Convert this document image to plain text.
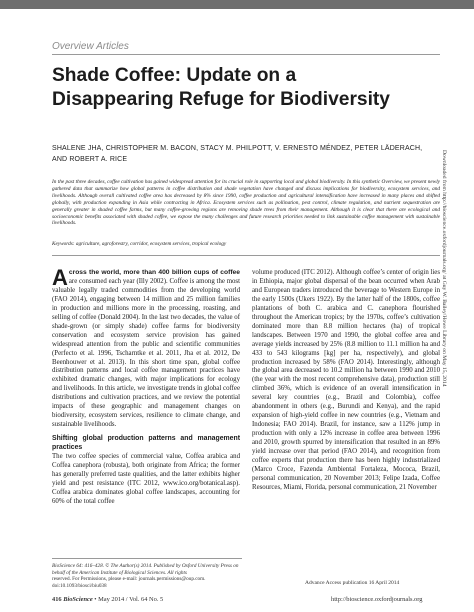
Overview Articles
Shade Coffee: Update on a
Disappearing Refuge for Biodiversity
SHALENE JHA, CHRISTOPHER M. BACON, STACY M. PHILPOTT, V. ERNESTO MÉNDEZ, PETER LÄDERACH,
AND ROBERT A. RICE
In the past three decades, coffee cultivation has gained widespread attention for its crucial role in supporting local and global biodiversity. In this synthetic Overview, we present newly gathered data that summarize how global patterns in coffee distribution and shade vegetation have changed and discuss implications for biodiversity, ecosystem services, and livelihoods. Although overall cultivated coffee area has decreased by 8% since 1990, coffee production and agricultural intensification have increased in many places and shifted globally, with production expanding in Asia while contracting in Africa. Ecosystem services such as pollination, pest control, climate regulation, and nutrient sequestration are generally greater in shaded coffee farms, but many coffee-growing regions are removing shade trees from their management. Although it is clear that there are ecological and socioeconomic benefits associated with shaded coffee, we expose the many challenges and future research priorities needed to link sustainable coffee management with sustainable livelihoods.
Keywords: agriculture, agroforestry, corridor, ecosystem services, tropical ecology

Across the world, more than 400 billion cups of coffee are consumed each year (Illy 2002). Coffee is among the most valuable legally traded commodities from the developing world (FAO 2014), engaging between 14 million and 25 million families in production and millions more in the processing, roasting, and selling of coffee (Donald 2004). In the last two decades, the value of shade-grown (or simply shade) coffee farms for biodiversity conservation and ecosystem service provision has gained widespread attention from the public and scientific communities (Perfecto et al. 1996, Tscharntke et al. 2011, Jha et al. 2012, De Beenhouwer et al. 2013). In this short time span, global coffee distribution patterns and local coffee management practices have exhibited dramatic changes, with major implications for ecology and livelihoods. In this article, we investigate trends in global coffee distributions and cultivation practices, and we review the potential impacts of these geographic and management changes on biodiversity, ecosystem services, resilience to climate change, and sustainable livelihoods.

Shifting global production patterns and management practices

The two coffee species of commercial value, Coffea arabica and Coffea canephora (robusta), both originate from Africa; the former has generally preferred taste qualities, and the latter exhibits higher yield and pest resistance (ITC 2012, www.ico.org/botanical.asp). Coffea arabica dominates global coffee landscapes, accounting for 60% of the total coffee

volume produced (ITC 2012). Although coffee’s center of origin lies in Ethiopia, major global dispersal of the bean occurred when Arab and European traders introduced the beverage to Western Europe in the early 1500s (Ukers 1922). By the latter half of the 1800s, coffee plantations of both C. arabica and C. canephora flourished throughout the American tropics; by the 1970s, coffee’s cultivation dominated more than 8.8 million hectares (ha) of tropical landscapes. Between 1970 and 1990, the global coffee area and average yields increased by 25% (8.8 million to 11.1 million ha and 433 to 543 kilograms [kg] per ha, respectively), and global production increased by 58% (FAO 2014). Interestingly, although the global area decreased to 10.2 million ha between 1990 and 2010 (the year with the most recent comprehensive data), production still climbed 36%, which is evidence of an overall intensification in several key countries (e.g., Brazil and Colombia), coffee abandonment in others (e.g., Burundi and Kenya), and the rapid expansion of high-yield coffee in new countries (e.g., Vietnam and Indonesia; FAO 2014). Brazil, for instance, saw a 112% jump in production with only a 12% increase in coffee area between 1996 and 2010, growth spurred by intensification that resulted in an 89% yield increase over that period (FAO 2014), and recognition from coffee experts that production there has been highly industrialized (Marco Croce, Fazenda Ambiental Fortaleza, Mococa, Brazil, personal communication, 20 November 2013; Felipe Izada, Coffee Resources, Miami, Florida, personal communication, 21 November

BioScience 64: 416–428. © The Author(s) 2014. Published by Oxford University Press on behalf of the American Institute of Biological Sciences. All rights
reserved. For Permissions, please e-mail: journals.permissions@oup.com.
doi:10.1093/biosci/biu038
Advance Access publication 16 April 2014
416 BioScience • May 2014 / Vol. 64 No. 5	http://bioscience.oxfordjournals.org
Downloaded from http://bioscience.oxfordjournals.org/ at Guy W. Bailey/Howe Library on May 15, 2014
